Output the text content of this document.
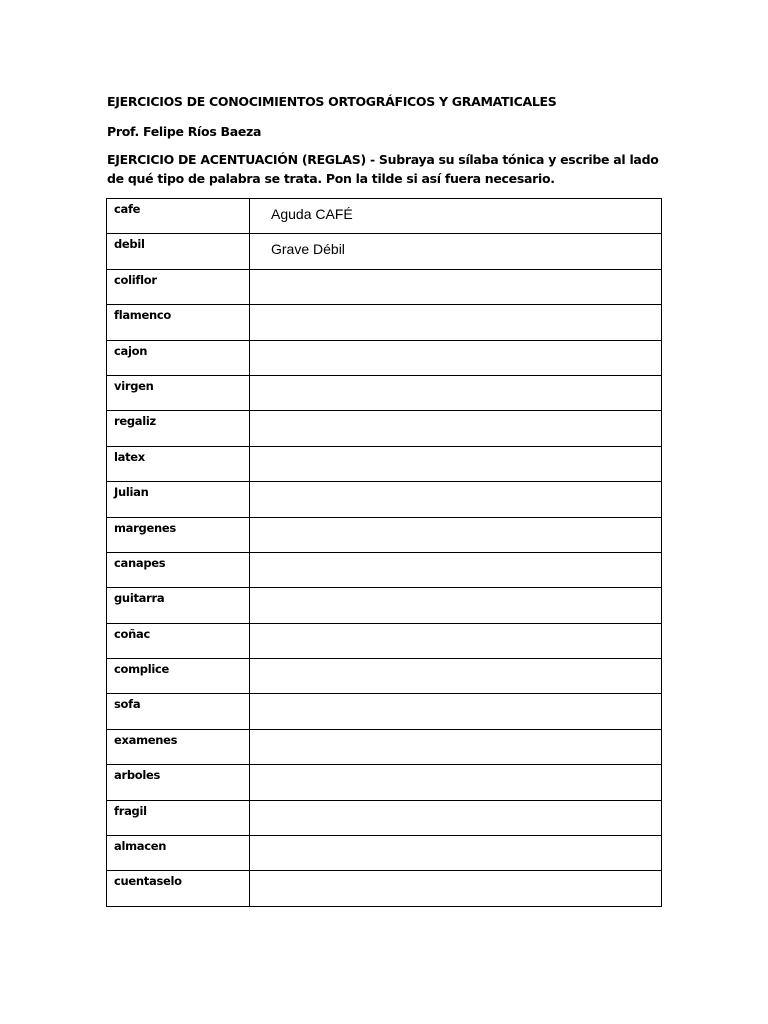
EJERCICIOS DE CONOCIMIENTOS ORTOGRÁFICOS Y GRAMATICALES
Prof. Felipe Ríos Baeza
EJERCICIO DE ACENTUACIÓN (REGLAS) - Subraya su sílaba tónica y escribe al lado de qué tipo de palabra se trata. Pon la tilde si así fuera necesario.
cafe	Aguda CAFÉ

debil	Grave Débil

coliflor	

flamenco	

cajon	

virgen	

regaliz	

latex	

Julian	

margenes	

canapes	

guitarra	

coñac	

complice	

sofa	

examenes	

arboles	

fragil	

almacen	

cuentaselo	
